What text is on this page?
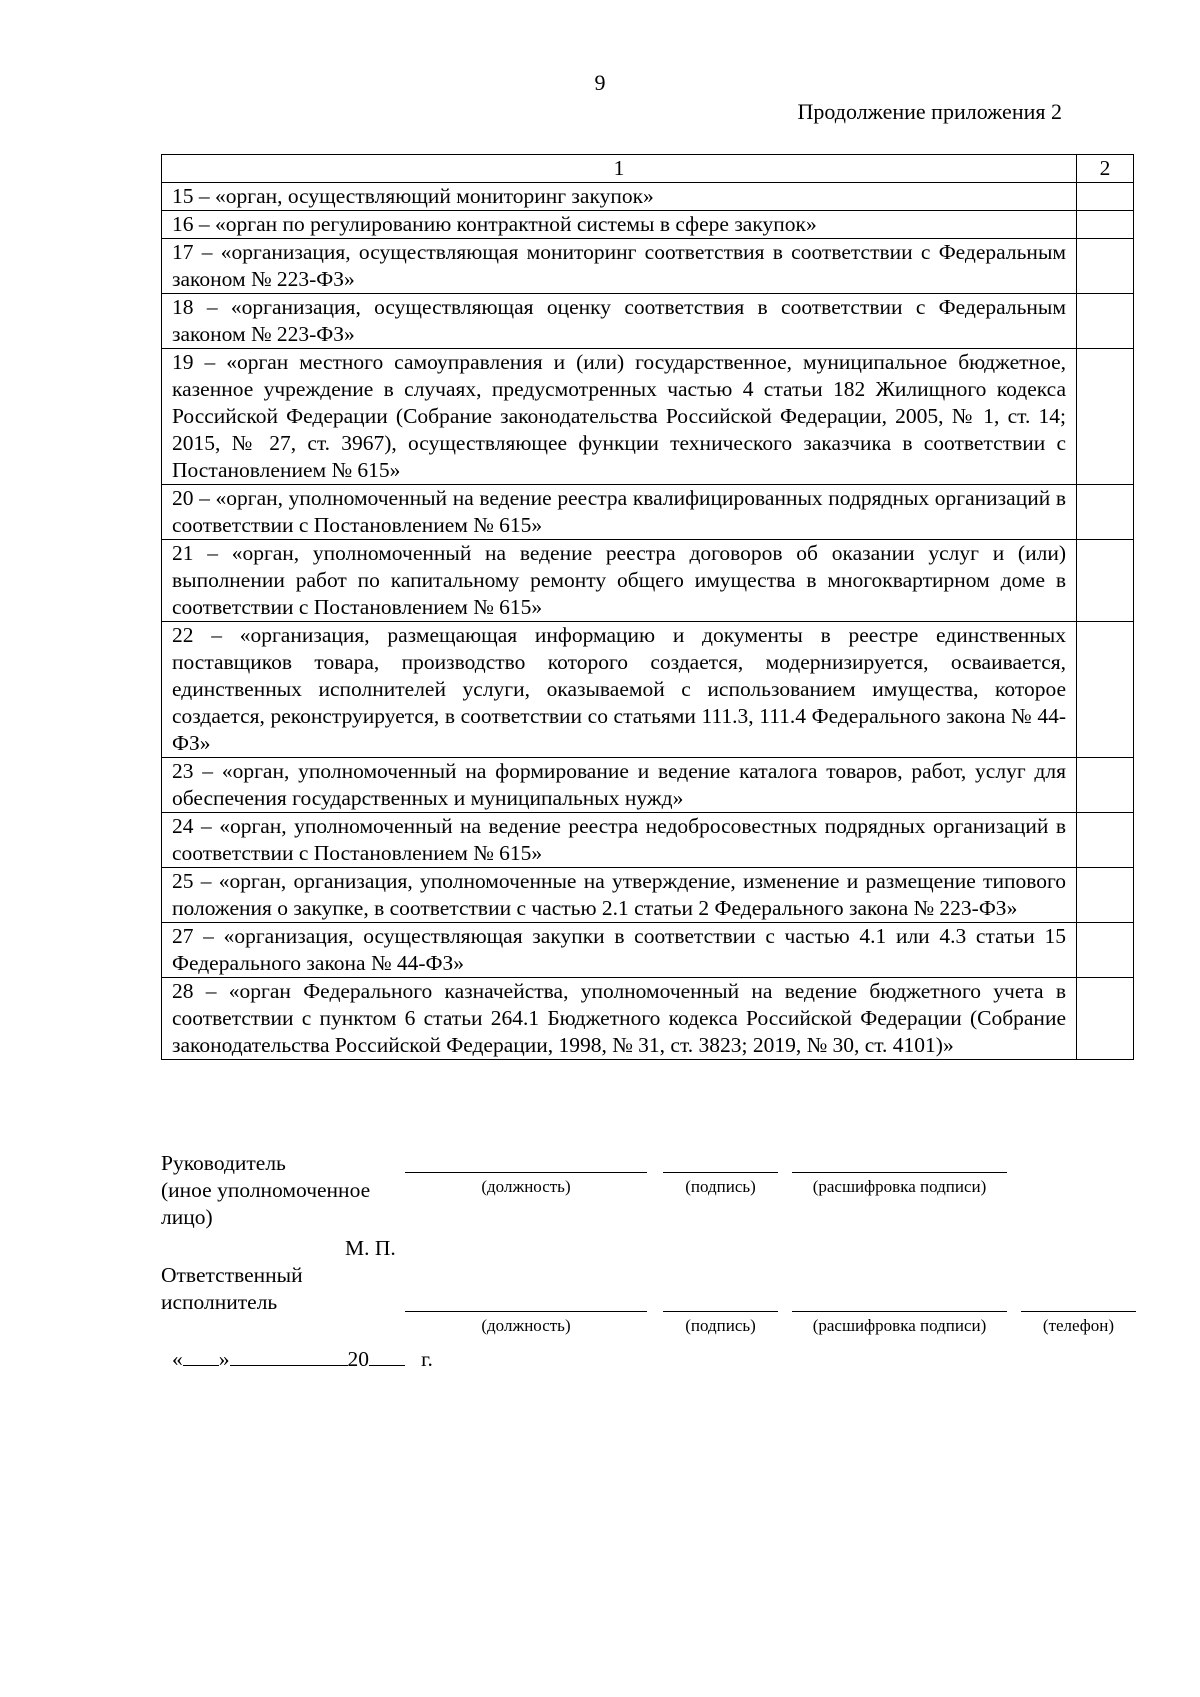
9
Продолжение приложения 2
1	2
15 – «орган, осуществляющий мониторинг закупок»	
16 – «орган по регулированию контрактной системы в сфере закупок»	
17 – «организация, осуществляющая мониторинг соответствия в соответствии с Федеральным законом № 223-ФЗ»	
18 – «организация, осуществляющая оценку соответствия в соответствии с Федеральным законом № 223-ФЗ»	
19 – «орган местного самоуправления и (или) государственное, муниципальное бюджетное, казенное учреждение в случаях, предусмотренных частью 4 статьи 182 Жилищного кодекса Российской Федерации (Собрание законодательства Российской Федерации, 2005, № 1, ст. 14; 2015, № 27, ст. 3967), осуществляющее функции технического заказчика в соответствии с Постановлением № 615»	
20 – «орган, уполномоченный на ведение реестра квалифицированных подрядных организаций в соответствии с Постановлением № 615»	
21 – «орган, уполномоченный на ведение реестра договоров об оказании услуг и (или) выполнении работ по капитальному ремонту общего имущества в многоквартирном доме в соответствии с Постановлением № 615»	
22 – «организация, размещающая информацию и документы в реестре единственных поставщиков товара, производство которого создается, модернизируется, осваивается, единственных исполнителей услуги, оказываемой с использованием имущества, которое создается, реконструируется, в соответствии со статьями 111.3, 111.4 Федерального закона № 44-ФЗ»	
23 – «орган, уполномоченный на формирование и ведение каталога товаров, работ, услуг для обеспечения государственных и муниципальных нужд»	
24 – «орган, уполномоченный на ведение реестра недобросовестных подрядных организаций в соответствии с Постановлением № 615»	
25 – «орган, организация, уполномоченные на утверждение, изменение и размещение типового положения о закупке, в соответствии с частью 2.1 статьи 2 Федерального закона № 223-ФЗ»	
27 – «организация, осуществляющая закупки в соответствии с частью 4.1 или 4.3 статьи 15 Федерального закона № 44-ФЗ»	
28 – «орган Федерального казначейства, уполномоченный на ведение бюджетного учета в соответствии с пунктом 6 статьи 264.1 Бюджетного кодекса Российской Федерации (Собрание законодательства Российской Федерации, 1998, № 31, ст. 3823; 2019, № 30, ст. 4101)»	
Руководитель
(иное уполномоченное
лицо)
(должность)	(подпись)	(расшифровка подписи)
М. П.
Ответственный
исполнитель
(должность)	(подпись)	(расшифровка подписи)	(телефон)
« »	20 г.
